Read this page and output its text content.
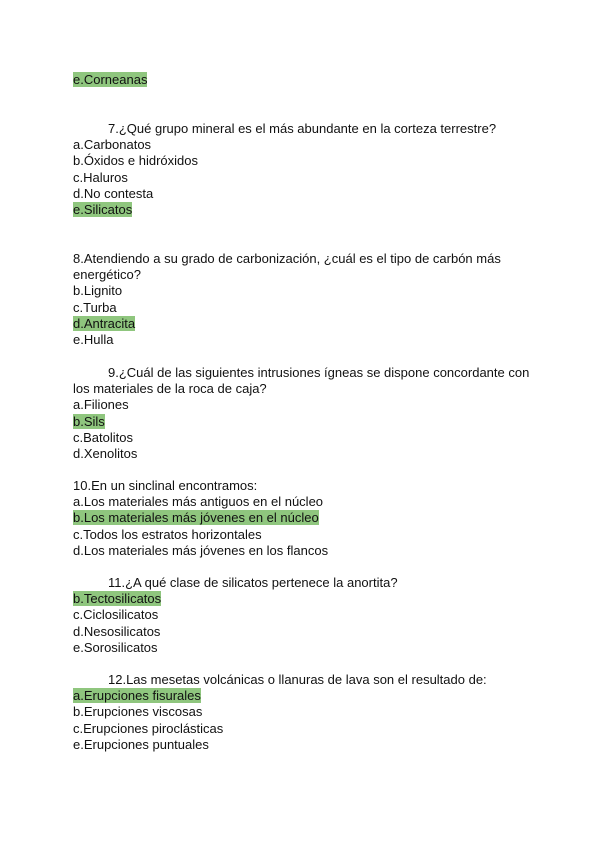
e.Corneanas
7.¿Qué grupo mineral es el más abundante en la corteza terrestre?
a.Carbonatos
b.Óxidos e hidróxidos
c.Haluros
d.No contesta
e.Silicatos
8.Atendiendo a su grado de carbonización, ¿cuál es el tipo de carbón más energético?
b.Lignito
c.Turba
d.Antracita
e.Hulla
9.¿Cuál de las siguientes intrusiones ígneas se dispone concordante con los materiales de la roca de caja?
a.Filiones
b.Sils
c.Batolitos
d.Xenolitos
10.En un sinclinal encontramos:
a.Los materiales más antiguos en el núcleo
b.Los materiales más jóvenes en el núcleo
c.Todos los estratos horizontales
d.Los materiales más jóvenes en los flancos
11.¿A qué clase de silicatos pertenece la anortita?
b.Tectosilicatos
c.Ciclosilicatos
d.Nesosilicatos
e.Sorosilicatos
12.Las mesetas volcánicas o llanuras de lava son el resultado de:
a.Erupciones fisurales
b.Erupciones viscosas
c.Erupciones piroclásticas
e.Erupciones puntuales
